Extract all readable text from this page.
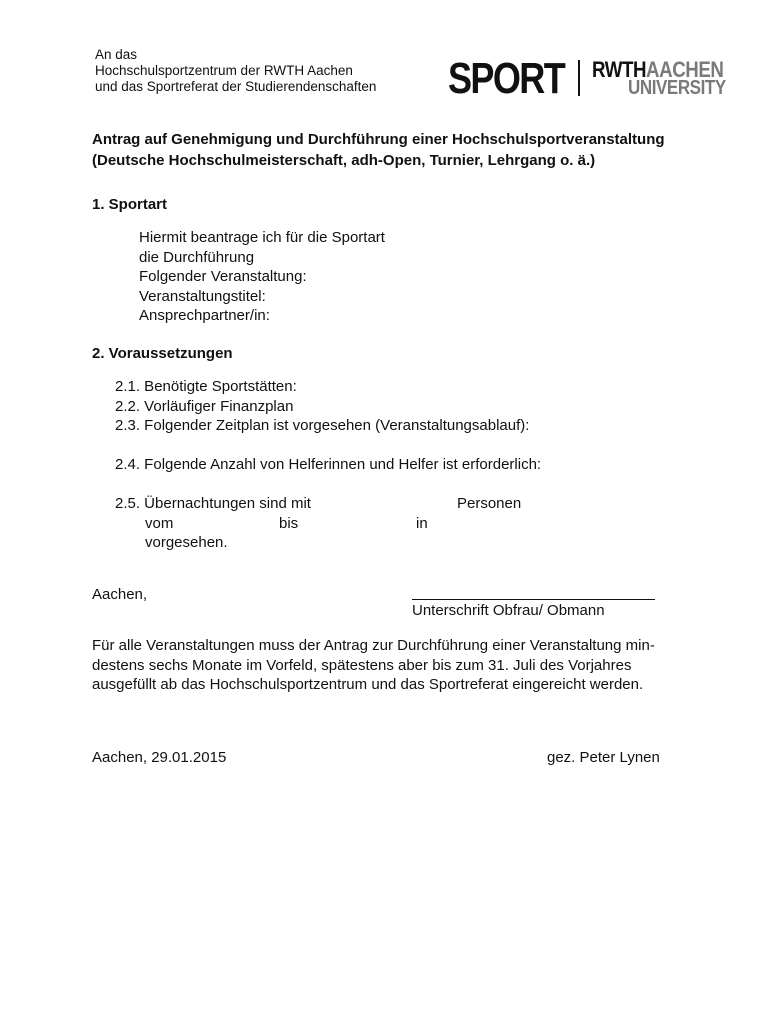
An das
Hochschulsportzentrum der RWTH Aachen
und das Sportreferat der Studierendenschaften SPORT RWTHAACHEN
UNIVERSITY
Antrag auf Genehmigung und Durchführung einer Hochschulsportveranstaltung
(Deutsche Hochschulmeisterschaft, adh-Open, Turnier, Lehrgang o. ä.)
1. Sportart
Hiermit beantrage ich für die Sportart
die Durchführung
Folgender Veranstaltung:
Veranstaltungstitel:
Ansprechpartner/in:
2. Voraussetzungen
2.1. Benötigte Sportstätten:
2.2. Vorläufiger Finanzplan
2.3. Folgender Zeitplan ist vorgesehen (Veranstaltungsablauf):
2.4. Folgende Anzahl von Helferinnen und Helfer ist erforderlich:
2.5. Übernachtungen sind mit	Personen
vom	bis	in
vorgesehen.
Aachen,
Unterschrift Obfrau/ Obmann
Für alle Veranstaltungen muss der Antrag zur Durchführung einer Veranstaltung min-
destens sechs Monate im Vorfeld, spätestens aber bis zum 31. Juli des Vorjahres
ausgefüllt ab das Hochschulsportzentrum und das Sportreferat eingereicht werden.
Aachen, 29.01.2015	gez. Peter Lynen
